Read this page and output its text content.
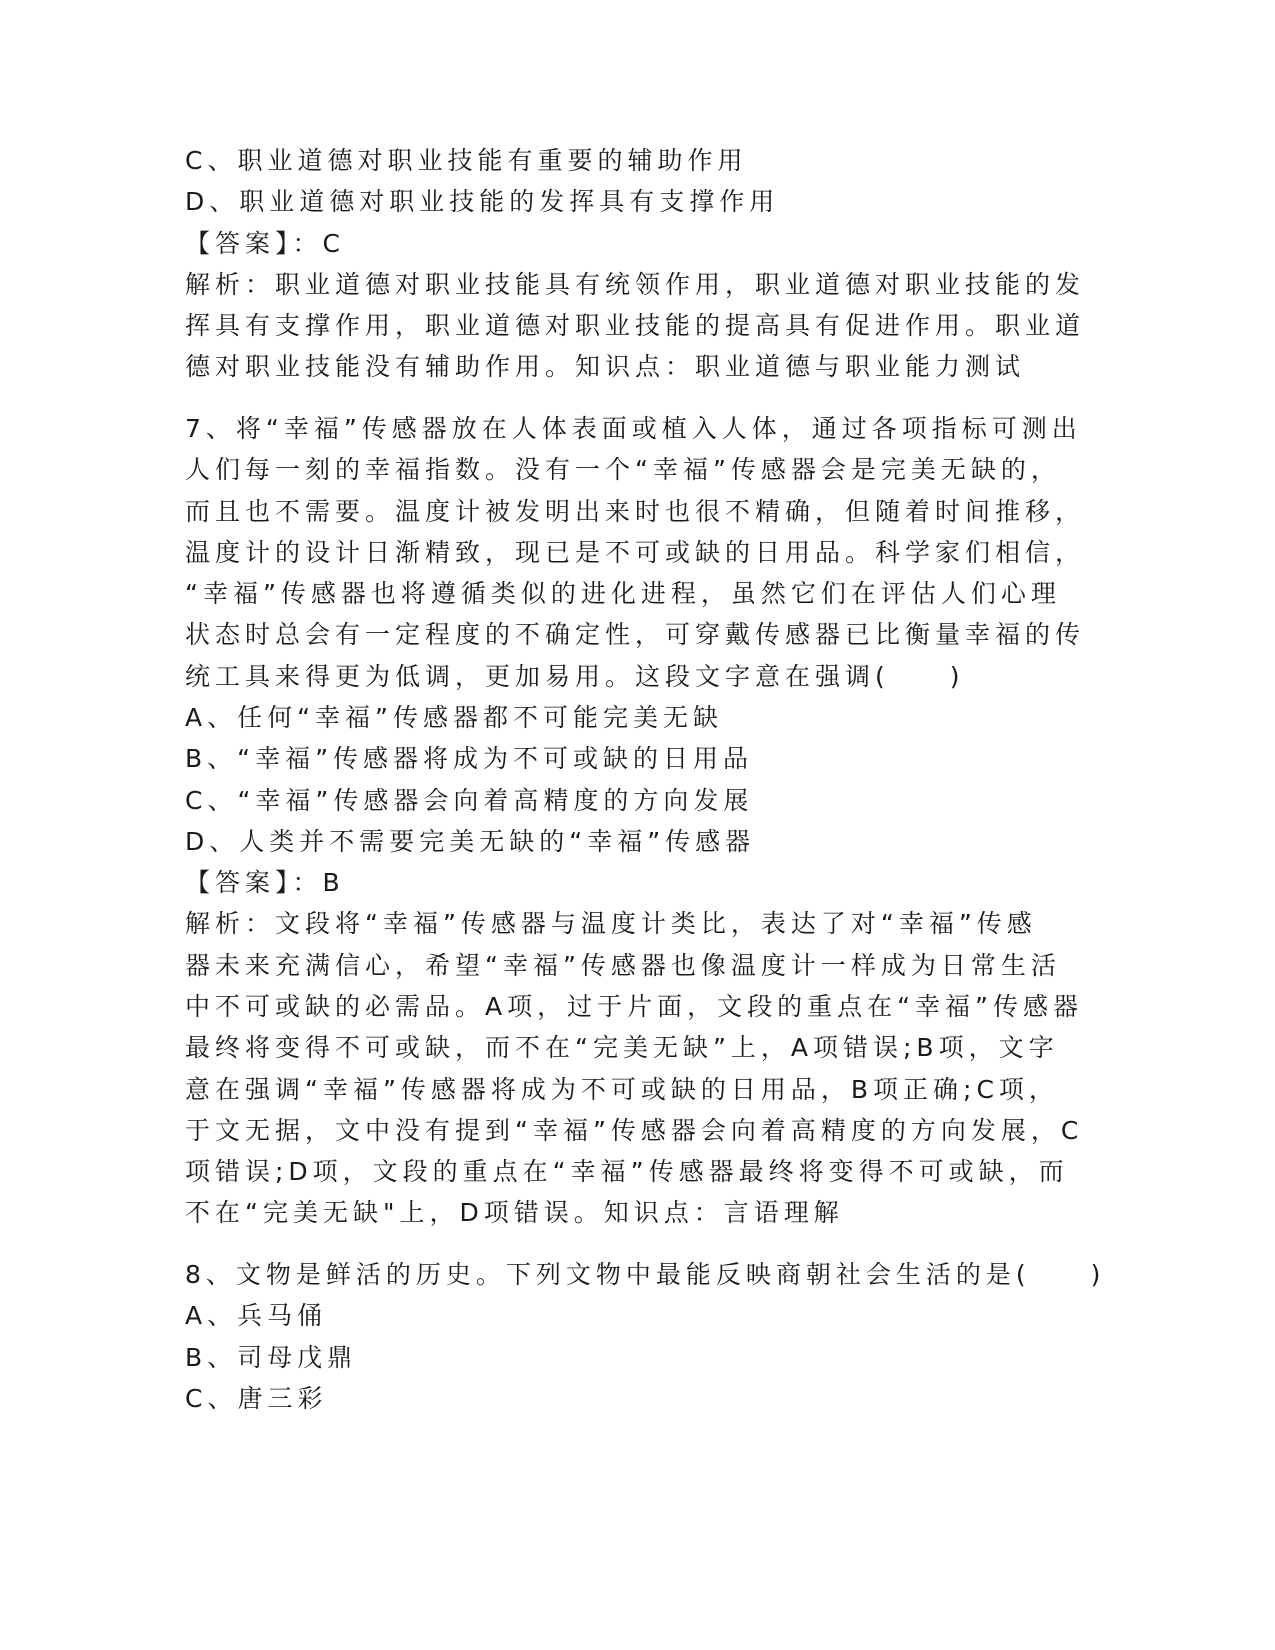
C、职业道德对职业技能有重要的辅助作用
D、职业道德对职业技能的发挥具有支撑作用
【答案】：C
解析：职业道德对职业技能具有统领作用，职业道德对职业技能的发
挥具有支撑作用，职业道德对职业技能的提高具有促进作用。职业道
德对职业技能没有辅助作用。知识点：职业道德与职业能力测试
7、将“幸福”传感器放在人体表面或植入人体，通过各项指标可测出
人们每一刻的幸福指数。没有一个“幸福”传感器会是完美无缺的，
而且也不需要。温度计被发明出来时也很不精确，但随着时间推移，
温度计的设计日渐精致，现已是不可或缺的日用品。科学家们相信，
“幸福”传感器也将遵循类似的进化进程，虽然它们在评估人们心理
状态时总会有一定程度的不确定性，可穿戴传感器已比衡量幸福的传
统工具来得更为低调，更加易用。这段文字意在强调(　　)
A、任何“幸福”传感器都不可能完美无缺
B、“幸福”传感器将成为不可或缺的日用品
C、“幸福”传感器会向着高精度的方向发展
D、人类并不需要完美无缺的“幸福”传感器
【答案】：B
解析：文段将“幸福”传感器与温度计类比，表达了对“幸福”传感
器未来充满信心，希望“幸福”传感器也像温度计一样成为日常生活
中不可或缺的必需品。A项，过于片面，文段的重点在“幸福”传感器
最终将变得不可或缺，而不在“完美无缺”上，A项错误;B项，文字
意在强调“幸福”传感器将成为不可或缺的日用品，B项正确;C项，
于文无据，文中没有提到“幸福”传感器会向着高精度的方向发展，C
项错误;D项，文段的重点在“幸福”传感器最终将变得不可或缺，而
不在“完美无缺"上，D项错误。知识点：言语理解
8、文物是鲜活的历史。下列文物中最能反映商朝社会生活的是(　　)
A、兵马俑
B、司母戊鼎
C、唐三彩
